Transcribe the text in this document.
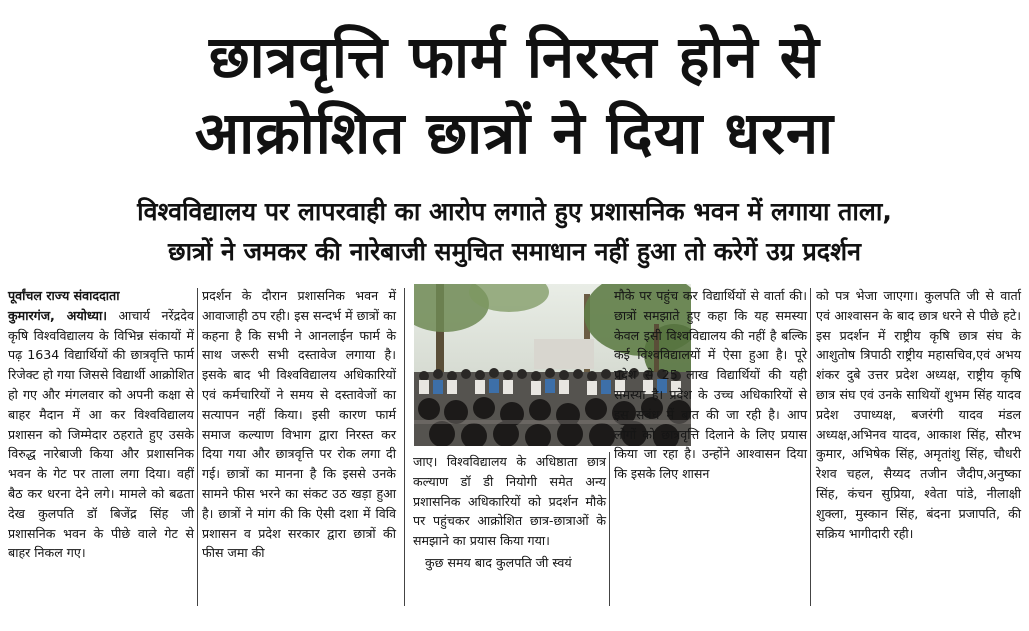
छात्रवृत्ति फार्म निरस्त होने से
आक्रोशित छात्रों ने दिया धरना
विश्वविद्यालय पर लापरवाही का आरोप लगाते हुए प्रशासनिक भवन में लगाया ताला,
छात्रों ने जमकर की नारेबाजी समुचित समाधान नहीं हुआ तो करेगें उग्र प्रदर्शन

पूर्वांचल राज्य संवाददाता
कुमारगंज, अयोध्या। आचार्य नरेंद्रदेव कृषि विश्वविद्यालय के विभिन्न संकायों में पढ़ 1634 विद्यार्थियों की छात्रवृत्ति फार्म रिजेक्ट हो गया जिससे विद्यार्थी आक्रोशित हो गए और मंगलवार को अपनी कक्षा से बाहर मैदान में आ कर विश्वविद्यालय प्रशासन को जिम्मेदार ठहराते हुए उसके विरुद्ध नारेबाजी किया और प्रशासनिक भवन के गेट पर ताला लगा दिया। वहीं बैठ कर धरना देने लगे। मामले को बढता देख कुलपति डॉ बिजेंद्र सिंह जी प्रशासनिक भवन के पीछे वाले गेट से बाहर निकल गए।

प्रदर्शन के दौरान प्रशासनिक भवन में आवाजाही ठप रही। इस सन्दर्भ में छात्रों का कहना है कि सभी ने आनलाईन फार्म के साथ जरूरी सभी दस्तावेज लगाया है। इसके बाद भी विश्वविद्यालय अधिकारियों एवं कर्मचारियों ने समय से दस्तावेजों का सत्यापन नहीं किया। इसी कारण फार्म समाज कल्याण विभाग द्वारा निरस्त कर दिया गया और छात्रवृत्ति पर रोक लगा दी गई। छात्रों का मानना है कि इससे उनके सामने फीस भरने का संकट उठ खड़ा हुआ है। छात्रों ने मांग की कि ऐसी दशा में विवि प्रशासन व प्रदेश सरकार द्वारा छात्रों की फीस जमा की

जाए। विश्वविद्यालय के अधिष्ठाता छात्र कल्याण डॉ डी नियोगी समेत अन्य प्रशासनिक अधिकारियों को प्रदर्शन मौके पर पहुंचकर आक्रोशित छात्र-छात्राओं के समझाने का प्रयास किया गया।

कुछ समय बाद कुलपति जी स्वयं

मौके पर पहुंच कर विद्यार्थियों से वार्ता की। छात्रों समझाते हुए कहा कि यह समस्या केवल इसी विश्वविद्यालय की नहीं है बल्कि कई विश्वविद्यालयों में ऐसा हुआ है। पूरे प्रदेश से 25 लाख विद्यार्थियों की यही समस्या है। प्रदेश के उच्च अधिकारियों से इस संबंध में बात की जा रही है। आप लोगों को छात्रवृत्ति दिलाने के लिए प्रयास किया जा रहा है। उन्होंने आश्वासन दिया कि इसके लिए शासन

को पत्र भेजा जाएगा। कुलपति जी से वार्ता एवं आश्वासन के बाद छात्र धरने से पीछे हटे। इस प्रदर्शन में राष्ट्रीय कृषि छात्र संघ के आशुतोष त्रिपाठी राष्ट्रीय महासचिव,एवं अभय शंकर दुबे उत्तर प्रदेश अध्यक्ष, राष्ट्रीय कृषि छात्र संघ एवं उनके साथियों शुभम सिंह यादव प्रदेश उपाध्यक्ष, बजरंगी यादव मंडल अध्यक्ष,अभिनव यादव, आकाश सिंह, सौरभ कुमार, अभिषेक सिंह, अमृतांशु सिंह, चौधरी रेशव चहल, सैय्यद तजीन जैदीप,अनुष्का सिंह, कंचन सुप्रिया, श्वेता पांडे, नीलाक्षी शुक्ला, मुस्कान सिंह, बंदना प्रजापति, की सक्रिय भागीदारी रही।
